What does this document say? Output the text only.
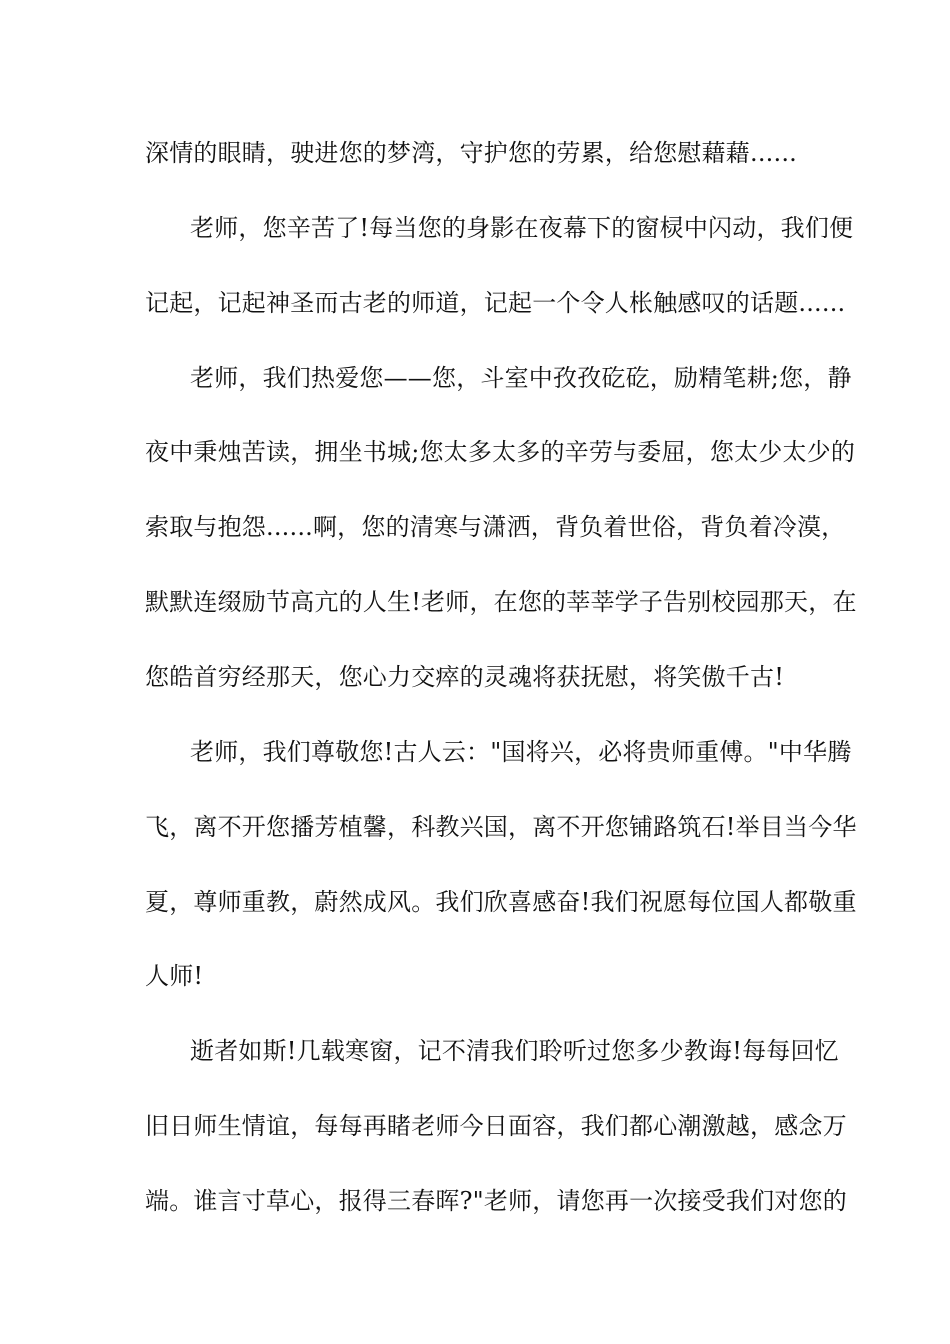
深情的眼睛，驶进您的梦湾，守护您的劳累，给您慰藉藉......
老师，您辛苦了!每当您的身影在夜幕下的窗棂中闪动，我们便
记起，记起神圣而古老的师道，记起一个令人枨触感叹的话题......
老师，我们热爱您——您，斗室中孜孜矻矻，励精笔耕;您，静
夜中秉烛苦读，拥坐书城;您太多太多的辛劳与委屈，您太少太少的
索取与抱怨......啊，您的清寒与潇洒，背负着世俗，背负着冷漠，
默默连缀励节高亢的人生!老师，在您的莘莘学子告别校园那天，在
您皓首穷经那天，您心力交瘁的灵魂将获抚慰，将笑傲千古!
老师，我们尊敬您!古人云："国将兴，必将贵师重傅。"中华腾
飞，离不开您播芳植馨，科教兴国，离不开您铺路筑石!举目当今华
夏，尊师重教，蔚然成风。我们欣喜感奋!我们祝愿每位国人都敬重
人师!
逝者如斯!几载寒窗，记不清我们聆听过您多少教诲!每每回忆
旧日师生情谊，每每再睹老师今日面容，我们都心潮激越，感念万
端。谁言寸草心，报得三春晖?"老师，请您再一次接受我们对您的
